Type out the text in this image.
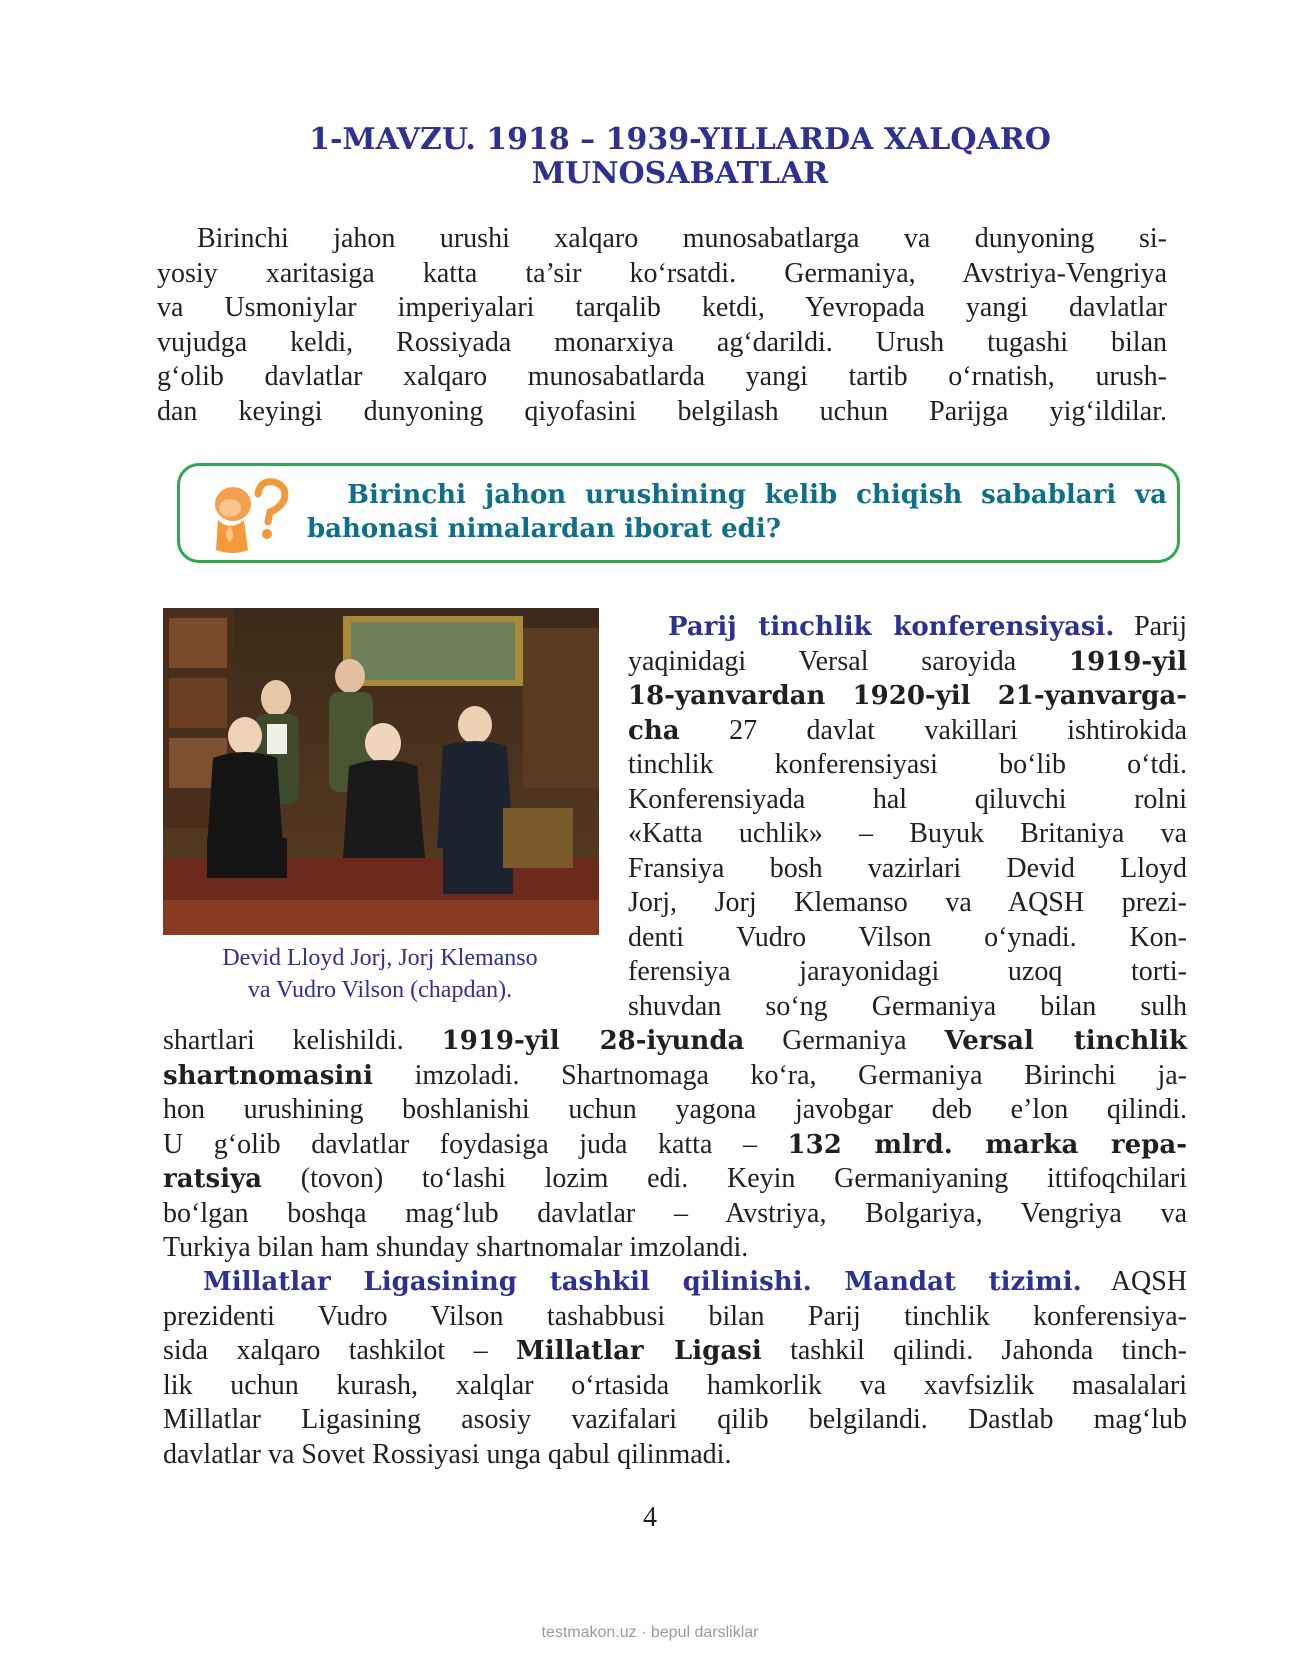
1-MAVZU. 1918 – 1939-YILLARDA XALQARO
MUNOSABATLAR
Birinchi jahon urushi xalqaro munosabatlarga va dunyoning si-
yosiy xaritasiga katta ta’sir ko‘rsatdi. Germaniya, Avstriya-Vengriya
va Usmoniylar imperiyalari tarqalib ketdi, Yevropada yangi davlatlar
vujudga keldi, Rossiyada monarxiya ag‘darildi. Urush tugashi bilan
g‘olib davlatlar xalqaro munosabatlarda yangi tartib o‘rnatish, urush-
dan keyingi dunyoning qiyofasini belgilash uchun Parijga yig‘ildilar.
Birinchi jahon urushining kelib chiqish sabablari va
bahonasi nimalardan iborat edi?
Devid Lloyd Jorj, Jorj Klemanso
va Vudro Vilson (chapdan).
Parij tinchlik konferensiyasi. Parij
yaqinidagi Versal saroyida 1919-yil
18-yanvardan 1920-yil 21-yanvarga-
cha 27 davlat vakillari ishtirokida
tinchlik konferensiyasi bo‘lib o‘tdi.
Konferensiyada hal qiluvchi rolni
«Katta uchlik» – Buyuk Britaniya va
Fransiya bosh vazirlari Devid Lloyd
Jorj, Jorj Klemanso va AQSH prezi-
denti Vudro Vilson o‘ynadi. Kon-
ferensiya jarayonidagi uzoq torti-
shuvdan so‘ng Germaniya bilan sulh
shartlari kelishildi. 1919-yil 28-iyunda Germaniya Versal tinchlik
shartnomasini imzoladi. Shartnomaga ko‘ra, Germaniya Birinchi ja-
hon urushining boshlanishi uchun yagona javobgar deb e’lon qilindi.
U g‘olib davlatlar foydasiga juda katta – 132 mlrd. marka repa-
ratsiya (tovon) to‘lashi lozim edi. Keyin Germaniyaning ittifoqchilari
bo‘lgan boshqa mag‘lub davlatlar – Avstriya, Bolgariya, Vengriya va
Turkiya bilan ham shunday shartnomalar imzolandi.
Millatlar Ligasining tashkil qilinishi. Mandat tizimi. AQSH
prezidenti Vudro Vilson tashabbusi bilan Parij tinchlik konferensiya-
sida xalqaro tashkilot – Millatlar Ligasi tashkil qilindi. Jahonda tinch-
lik uchun kurash, xalqlar o‘rtasida hamkorlik va xavfsizlik masalalari
Millatlar Ligasining asosiy vazifalari qilib belgilandi. Dastlab mag‘lub
davlatlar va Sovet Rossiyasi unga qabul qilinmadi.
4
testmakon.uz · bepul darsliklar
